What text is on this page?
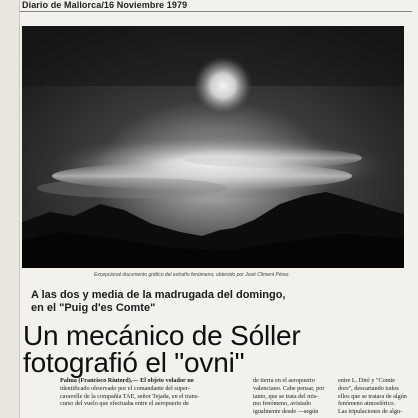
Diario de Mallorca/16 Noviembre 1979
Excepcional documento gráfico del extraño fenómeno, obtenido por José Climent Pérez.
A las dos y media de la madrugada del domingo,
en el "Puig d'es Comte"
Un mecánico de Sóller
fotografió el "ovni"
Palma (Francisco Riutord).— El objeto volador no
identificado observado por el comandante del super-
caravelle de la compañía TAE, señor Tejada, en el trans-
curso del vuelo que efectuaba entre el aeropuerto de
de tierra en el aeropuerto
valenciano. Cabe pensar, por
tanto, que se trata del mis-
mo fenómeno, avistado
igualmente desde —según
entre L. Diré y "Comte
dors", descartando todos
ellos que se tratara de algún
fenómeno atmosférico.
Las tripulaciones de algu-
